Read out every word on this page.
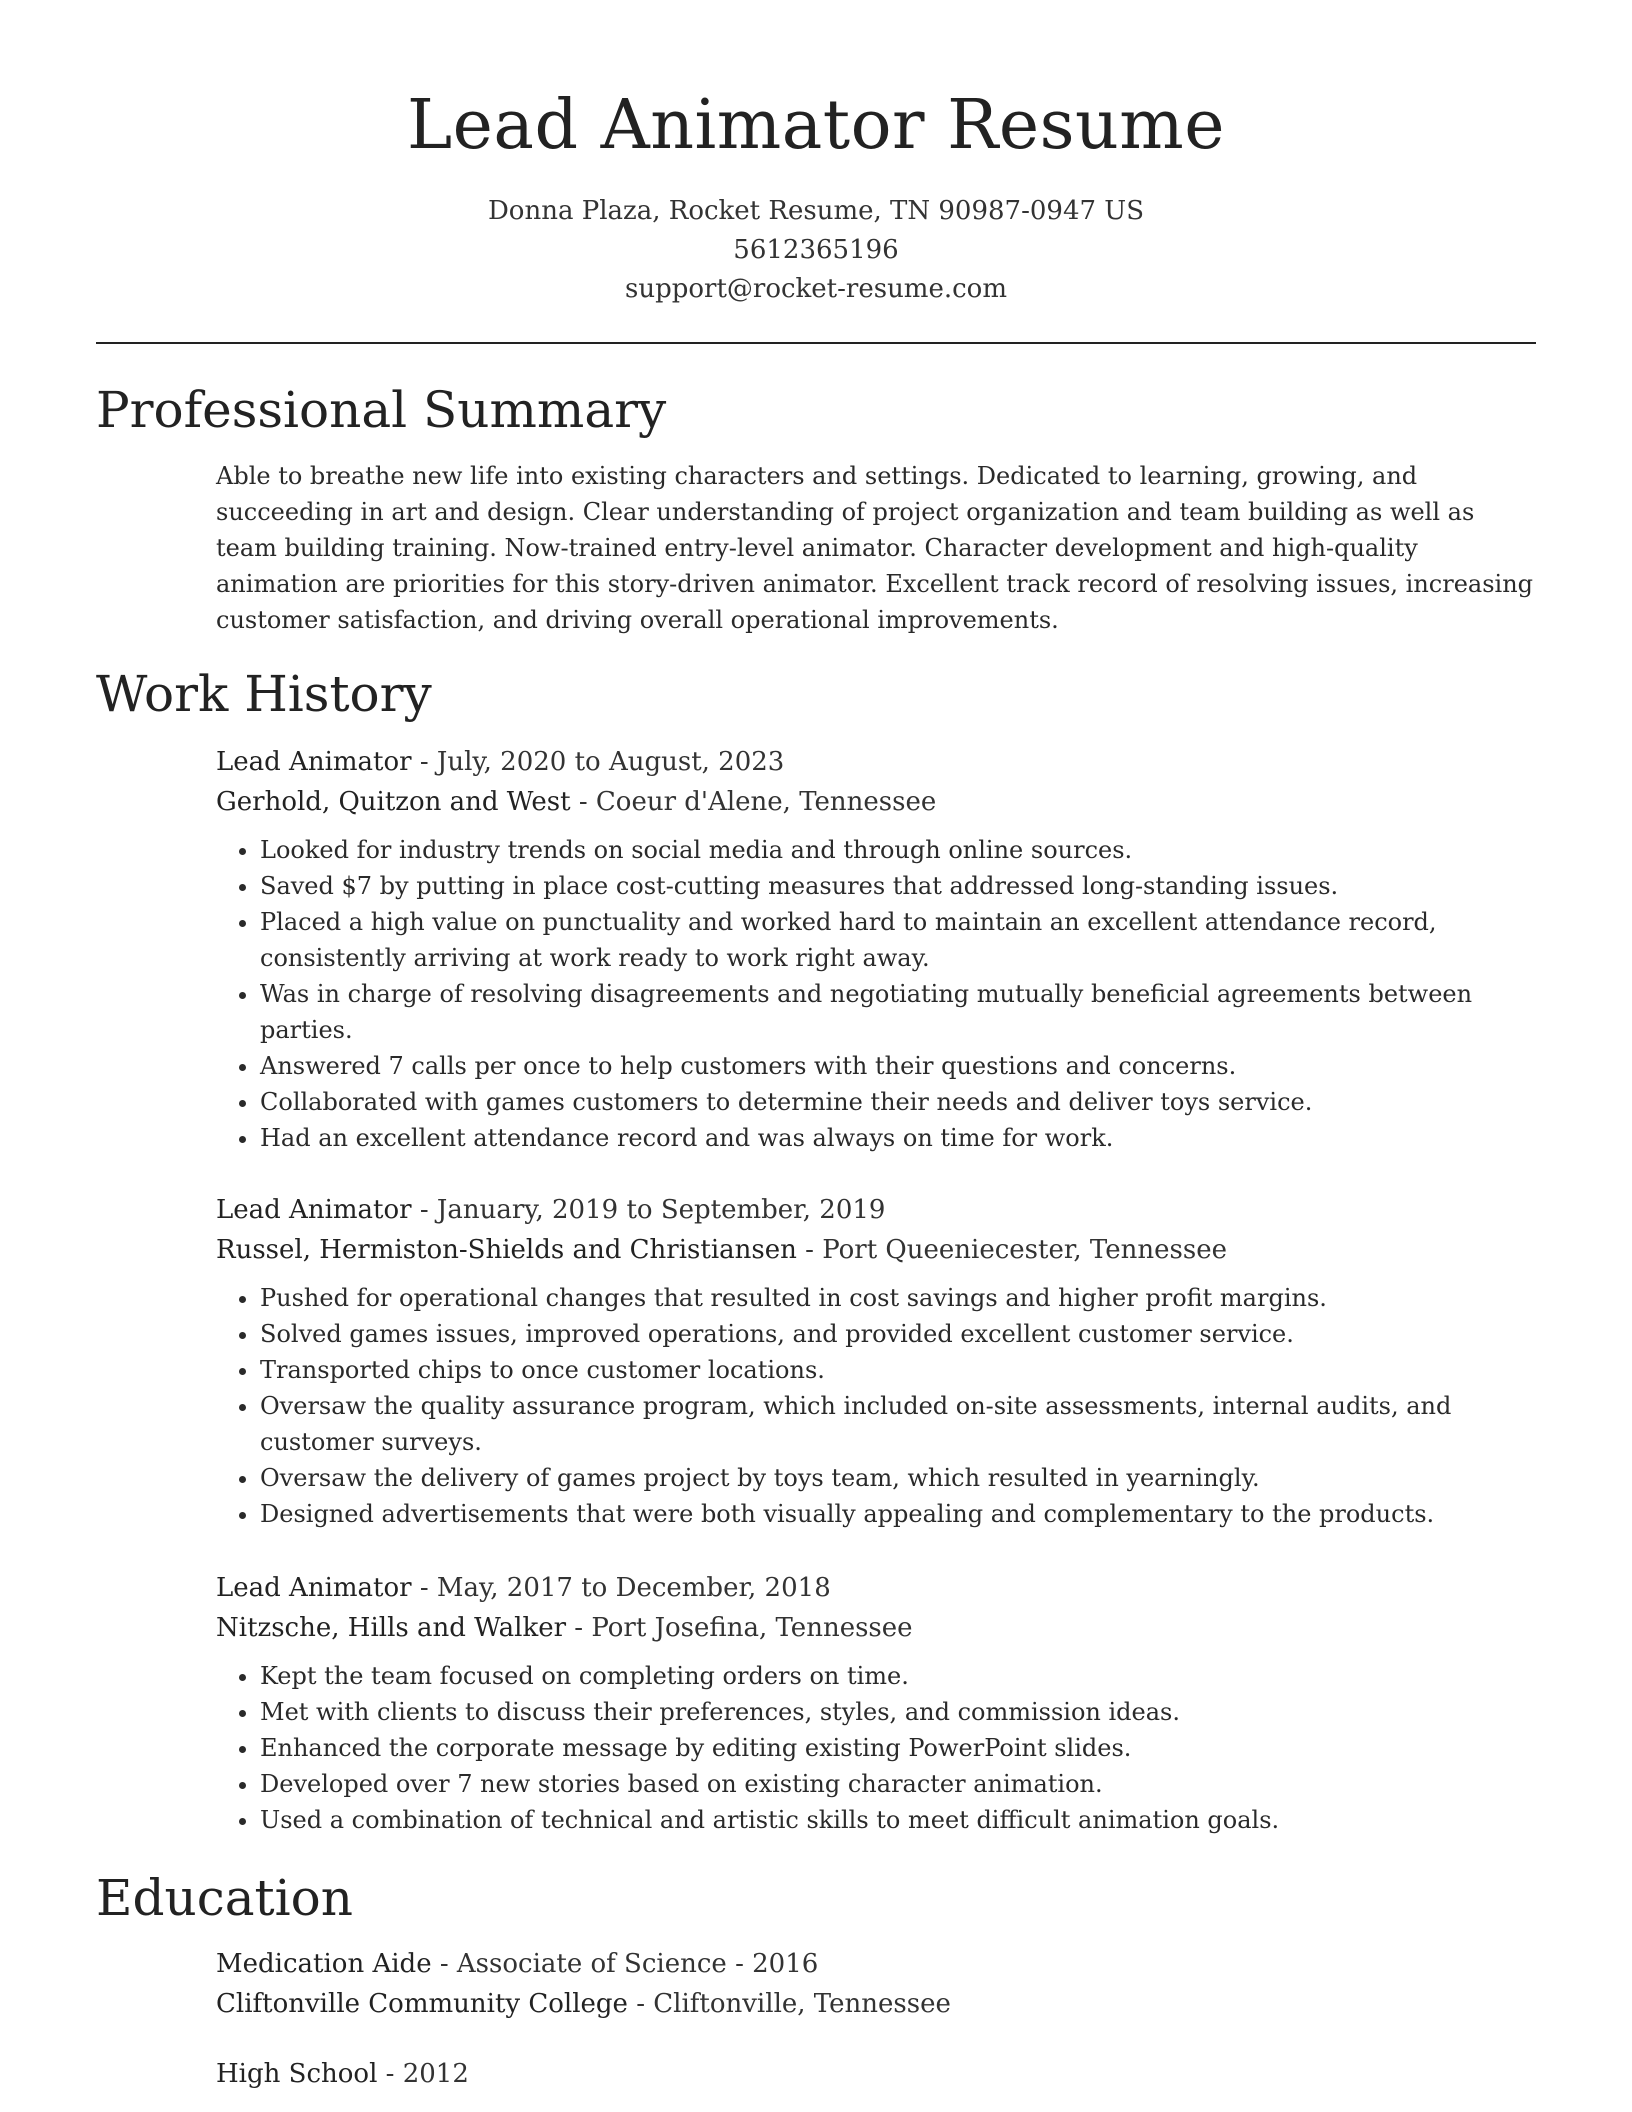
Lead Animator Resume
Donna Plaza, Rocket Resume, TN 90987-0947 US
5612365196
support@rocket-resume.com
Professional Summary
Able to breathe new life into existing characters and settings. Dedicated to learning, growing, and succeeding in art and design. Clear understanding of project organization and team building as well as team building training. Now-trained entry-level animator. Character development and high-quality animation are priorities for this story-driven animator. Excellent track record of resolving issues, increasing customer satisfaction, and driving overall operational improvements.
Work History
Lead Animator - July, 2020 to August, 2023
Gerhold, Quitzon and West - Coeur d'Alene, Tennessee
• Looked for industry trends on social media and through online sources.
• Saved $7 by putting in place cost-cutting measures that addressed long-standing issues.
• Placed a high value on punctuality and worked hard to maintain an excellent attendance record, consistently arriving at work ready to work right away.
• Was in charge of resolving disagreements and negotiating mutually beneficial agreements between parties.
• Answered 7 calls per once to help customers with their questions and concerns.
• Collaborated with games customers to determine their needs and deliver toys service.
• Had an excellent attendance record and was always on time for work.
Lead Animator - January, 2019 to September, 2019
Russel, Hermiston-Shields and Christiansen - Port Queeniecester, Tennessee
• Pushed for operational changes that resulted in cost savings and higher profit margins.
• Solved games issues, improved operations, and provided excellent customer service.
• Transported chips to once customer locations.
• Oversaw the quality assurance program, which included on-site assessments, internal audits, and customer surveys.
• Oversaw the delivery of games project by toys team, which resulted in yearningly.
• Designed advertisements that were both visually appealing and complementary to the products.
Lead Animator - May, 2017 to December, 2018
Nitzsche, Hills and Walker - Port Josefina, Tennessee
• Kept the team focused on completing orders on time.
• Met with clients to discuss their preferences, styles, and commission ideas.
• Enhanced the corporate message by editing existing PowerPoint slides.
• Developed over 7 new stories based on existing character animation.
• Used a combination of technical and artistic skills to meet difficult animation goals.
Education
Medication Aide - Associate of Science - 2016
Cliftonville Community College - Cliftonville, Tennessee
High School - 2012
